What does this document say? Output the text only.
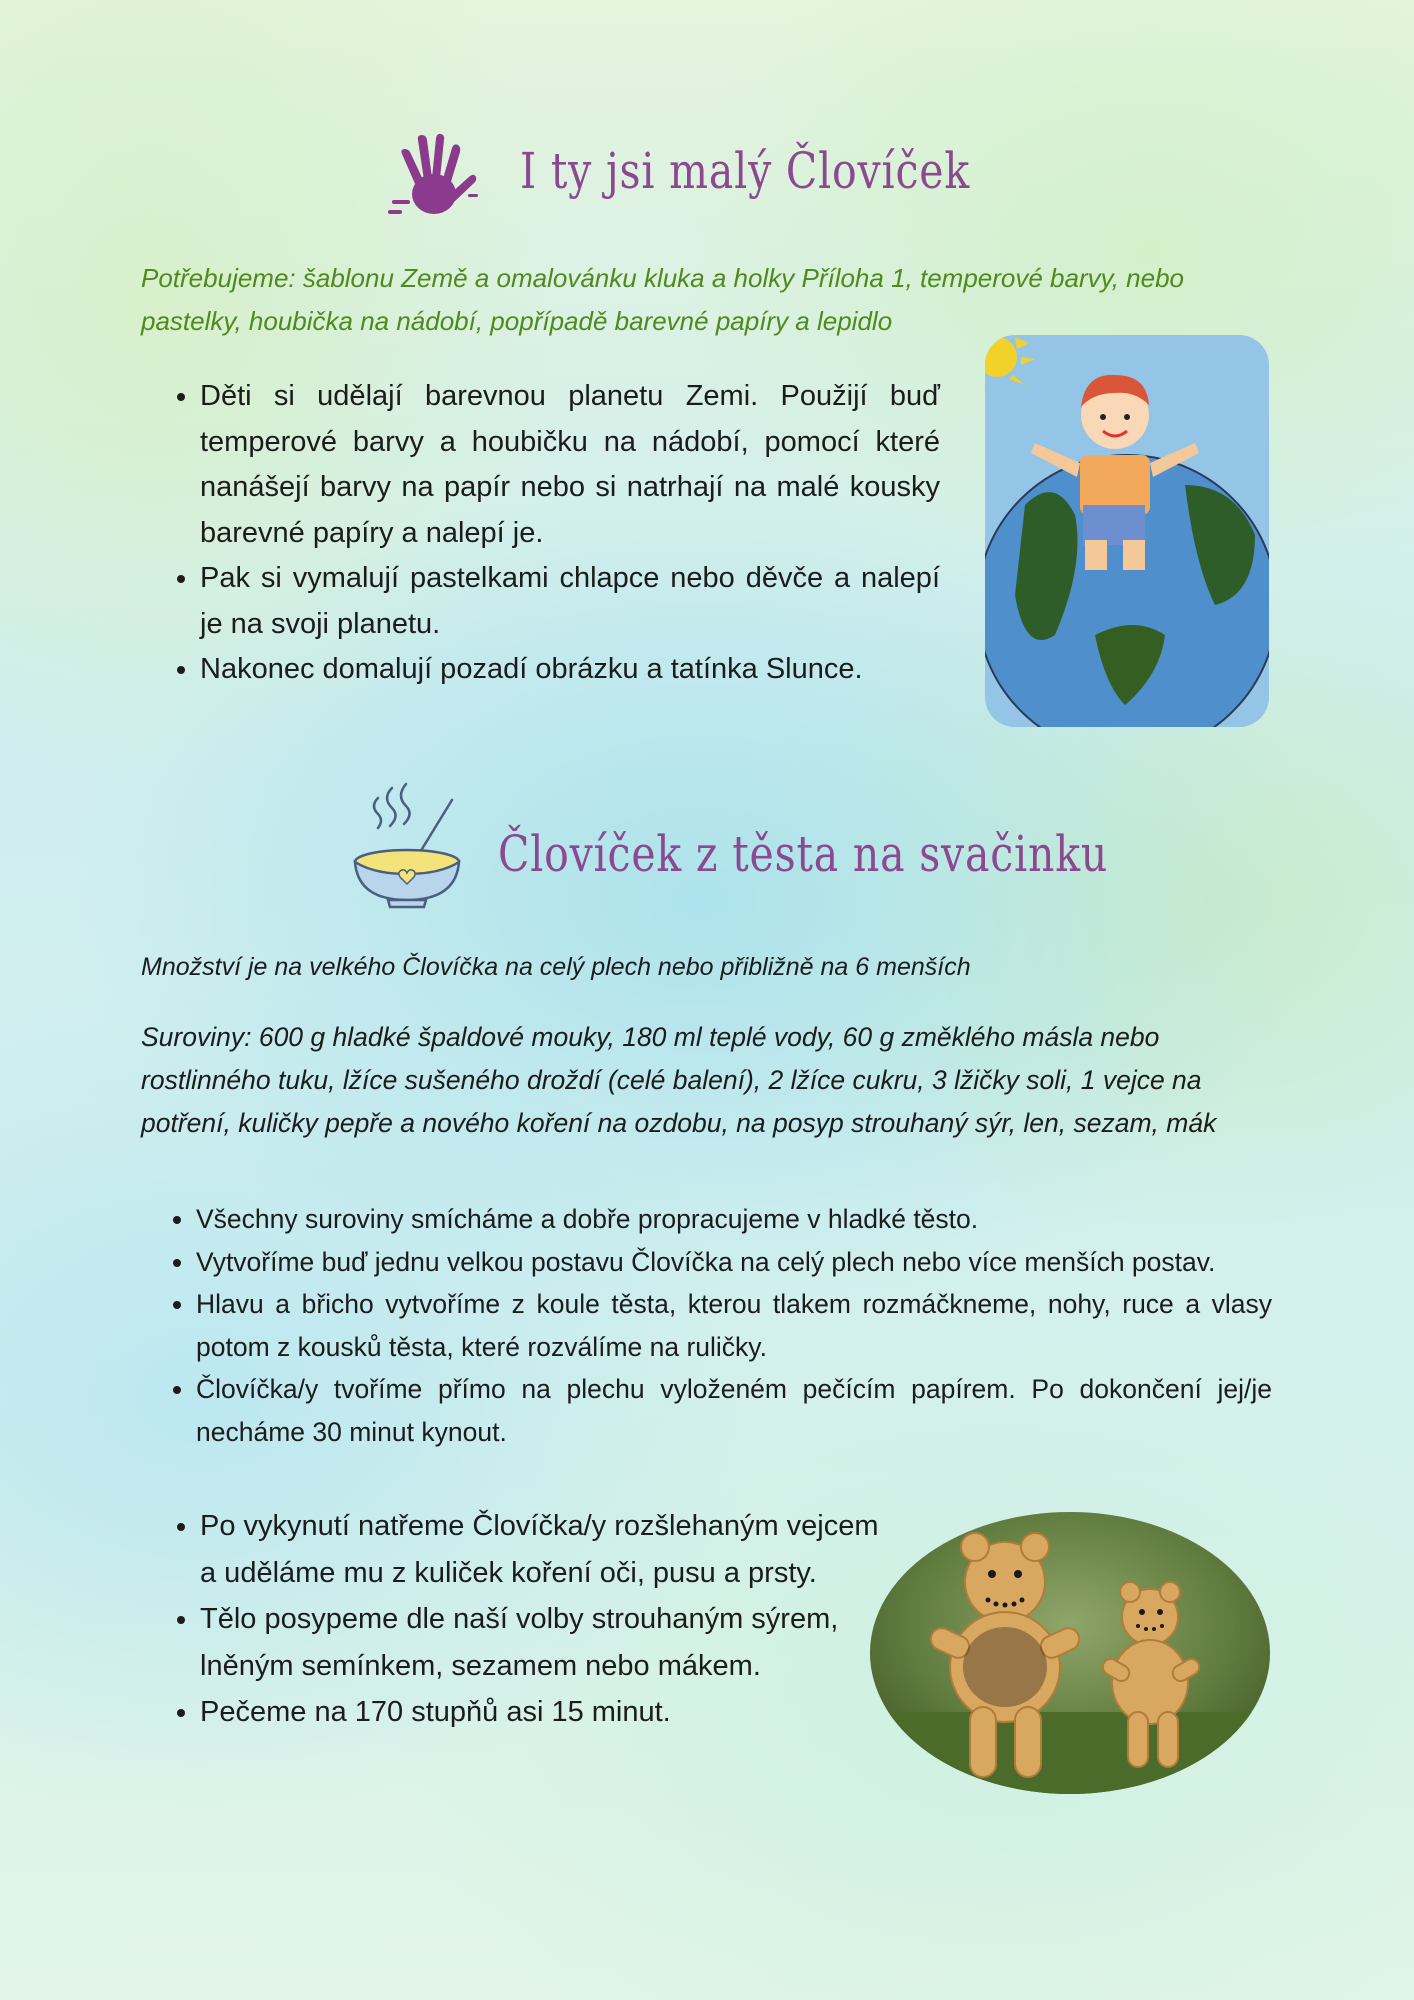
I ty jsi malý Človíček
Potřebujeme: šablonu Země a omalovánku kluka a holky Příloha 1, temperové barvy, nebo pastelky, houbička na nádobí, popřípadě barevné papíry a lepidlo
• Děti si udělají barevnou planetu Zemi. Použijí buď temperové barvy a houbičku na nádobí, pomocí které nanášejí barvy na papír nebo si natrhají na malé kousky barevné papíry a nalepí je.
• Pak si vymalují pastelkami chlapce nebo děvče a nalepí je na svoji planetu.
• Nakonec domalují pozadí obrázku a tatínka Slunce.
Človíček z těsta na svačinku
Množství je na velkého Človíčka na celý plech nebo přibližně na 6 menších
Suroviny: 600 g hladké špaldové mouky, 180 ml teplé vody, 60 g změklého másla nebo rostlinného tuku, lžíce sušeného droždí (celé balení), 2 lžíce cukru, 3 lžičky soli, 1 vejce na potření, kuličky pepře a nového koření na ozdobu, na posyp strouhaný sýr, len, sezam, mák
• Všechny suroviny smícháme a dobře propracujeme v hladké těsto.
• Vytvoříme buď jednu velkou postavu Človíčka na celý plech nebo více menších postav.
• Hlavu a břicho vytvoříme z koule těsta, kterou tlakem rozmáčkneme, nohy, ruce a vlasy potom z kousků těsta, které rozválíme na ruličky.
• Človíčka/y tvoříme přímo na plechu vyloženém pečícím papírem. Po dokončení jej/je necháme 30 minut kynout.
• Po vykynutí natřeme Človíčka/y rozšlehaným vejcem a uděláme mu z kuliček koření oči, pusu a prsty.
• Tělo posypeme dle naší volby strouhaným sýrem, lněným semínkem, sezamem nebo mákem.
• Pečeme na 170 stupňů asi 15 minut.
